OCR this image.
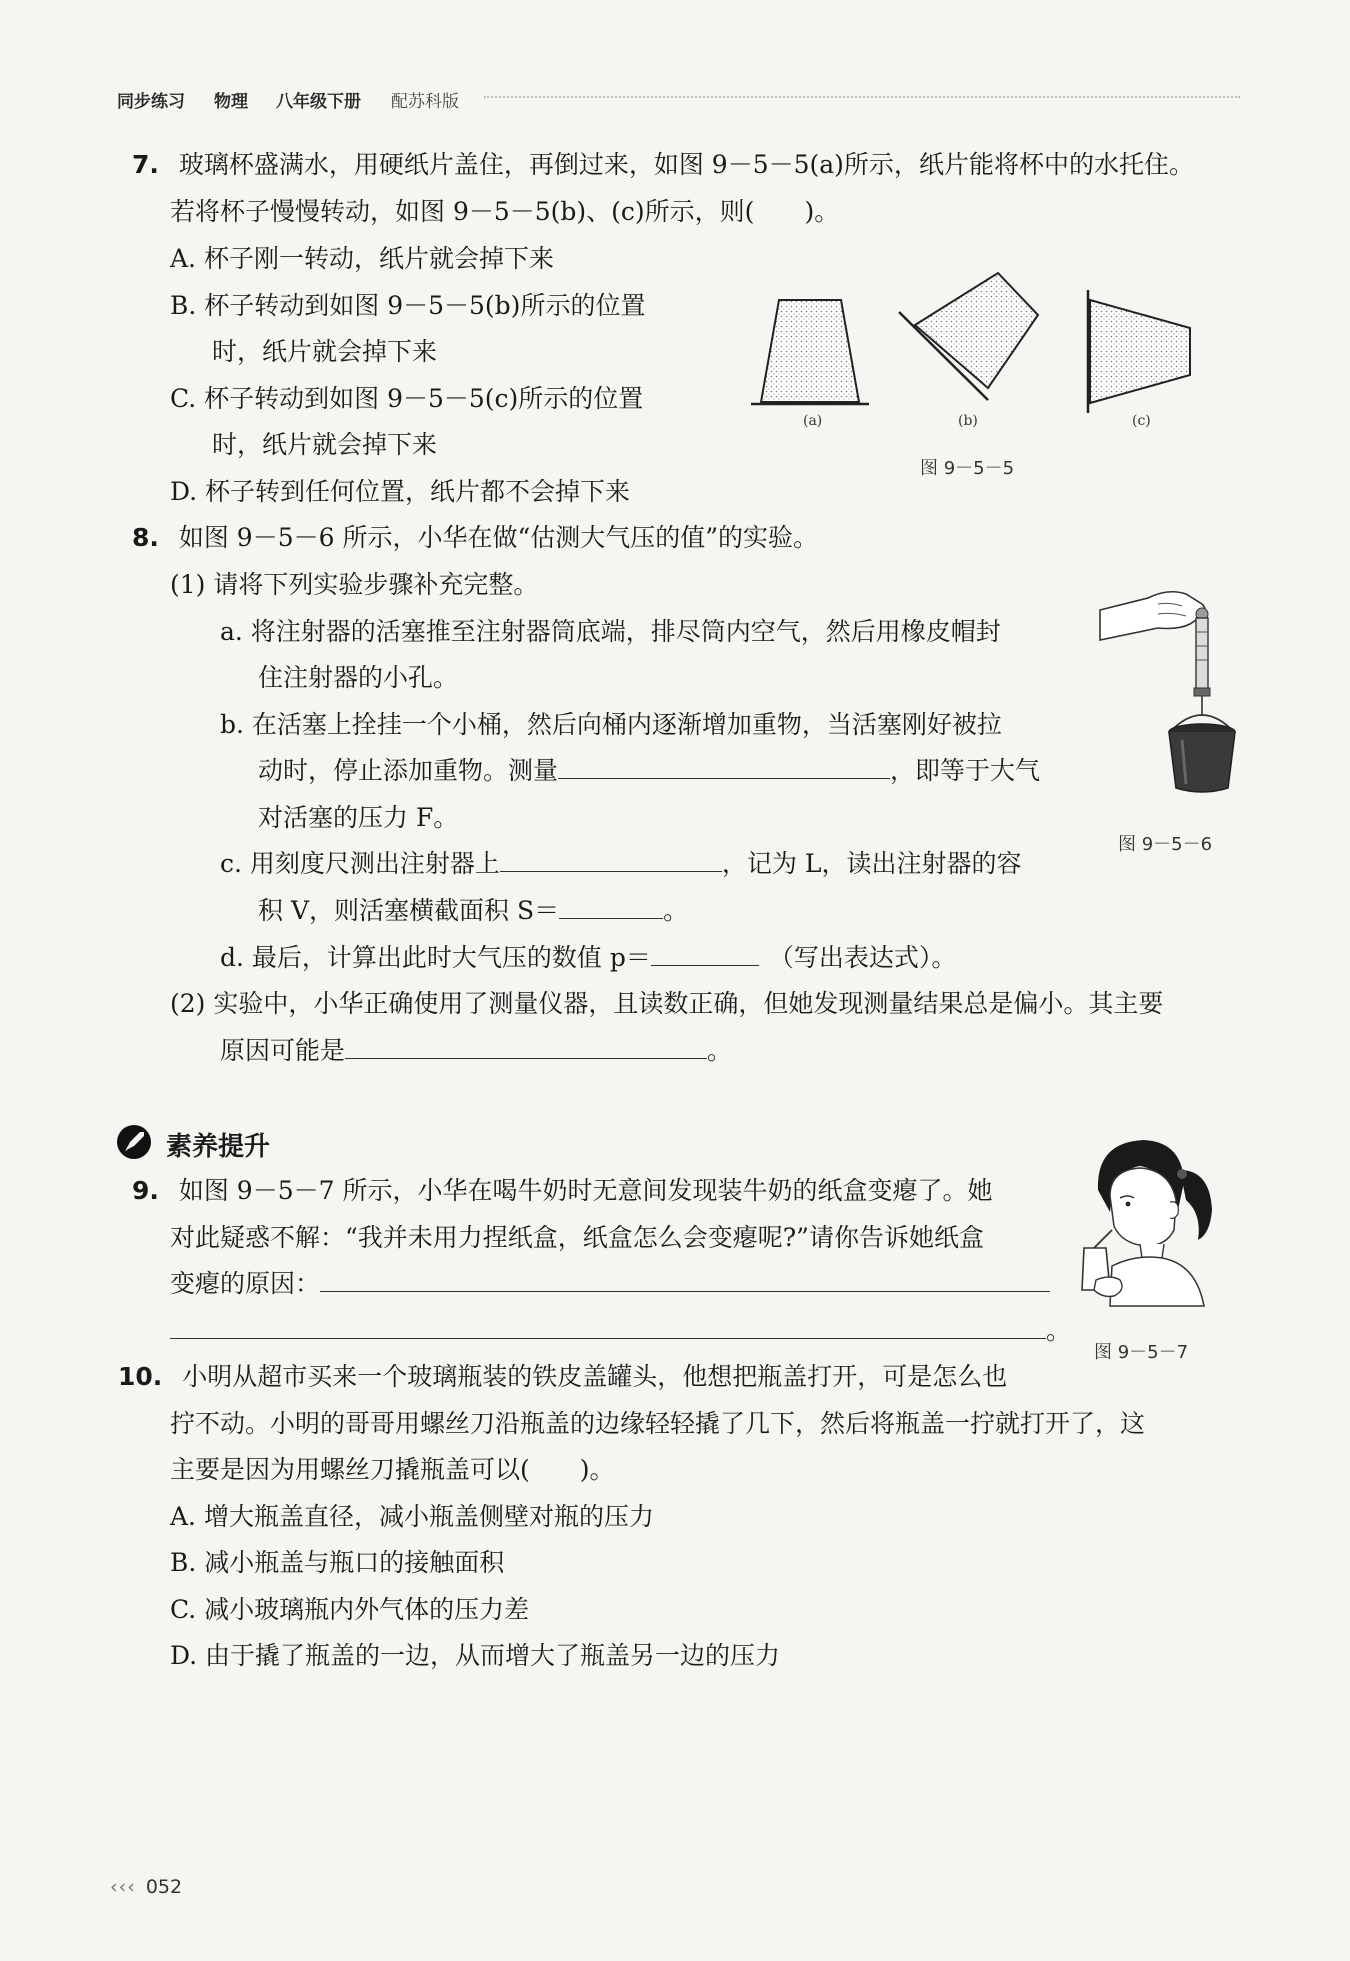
同步练习 物理 八年级下册 配苏科版
7. 玻璃杯盛满水，用硬纸片盖住，再倒过来，如图 9－5－5(a)所示，纸片能将杯中的水托住。
若将杯子慢慢转动，如图 9－5－5(b)、(c)所示，则(　　)。
A. 杯子刚一转动，纸片就会掉下来
B. 杯子转动到如图 9－5－5(b)所示的位置
时，纸片就会掉下来
C. 杯子转动到如图 9－5－5(c)所示的位置
时，纸片就会掉下来
D. 杯子转到任何位置，纸片都不会掉下来
(a)	(b)	(c)
图 9－5－5
8. 如图 9－5－6 所示，小华在做“估测大气压的值”的实验。
(1) 请将下列实验步骤补充完整。
a. 将注射器的活塞推至注射器筒底端，排尽筒内空气，然后用橡皮帽封
住注射器的小孔。
b. 在活塞上拴挂一个小桶，然后向桶内逐渐增加重物，当活塞刚好被拉
动时，停止添加重物。测量	，即等于大气
对活塞的压力 F。
c. 用刻度尺测出注射器上	，记为 L，读出注射器的容
积 V，则活塞横截面积 S＝	。
d. 最后，计算出此时大气压的数值 p＝	（写出表达式）。
(2) 实验中，小华正确使用了测量仪器，且读数正确，但她发现测量结果总是偏小。其主要
原因可能是	。
图 9－5－6
素养提升
9. 如图 9－5－7 所示，小华在喝牛奶时无意间发现装牛奶的纸盒变瘪了。她
对此疑惑不解：“我并未用力捏纸盒，纸盒怎么会变瘪呢?”请你告诉她纸盒
变瘪的原因：
。
图 9－5－7
10. 小明从超市买来一个玻璃瓶装的铁皮盖罐头，他想把瓶盖打开，可是怎么也
拧不动。小明的哥哥用螺丝刀沿瓶盖的边缘轻轻撬了几下，然后将瓶盖一拧就打开了，这
主要是因为用螺丝刀撬瓶盖可以(　　)。
A. 增大瓶盖直径，减小瓶盖侧壁对瓶的压力
B. 减小瓶盖与瓶口的接触面积
C. 减小玻璃瓶内外气体的压力差
D. 由于撬了瓶盖的一边，从而增大了瓶盖另一边的压力
‹‹‹ 052
